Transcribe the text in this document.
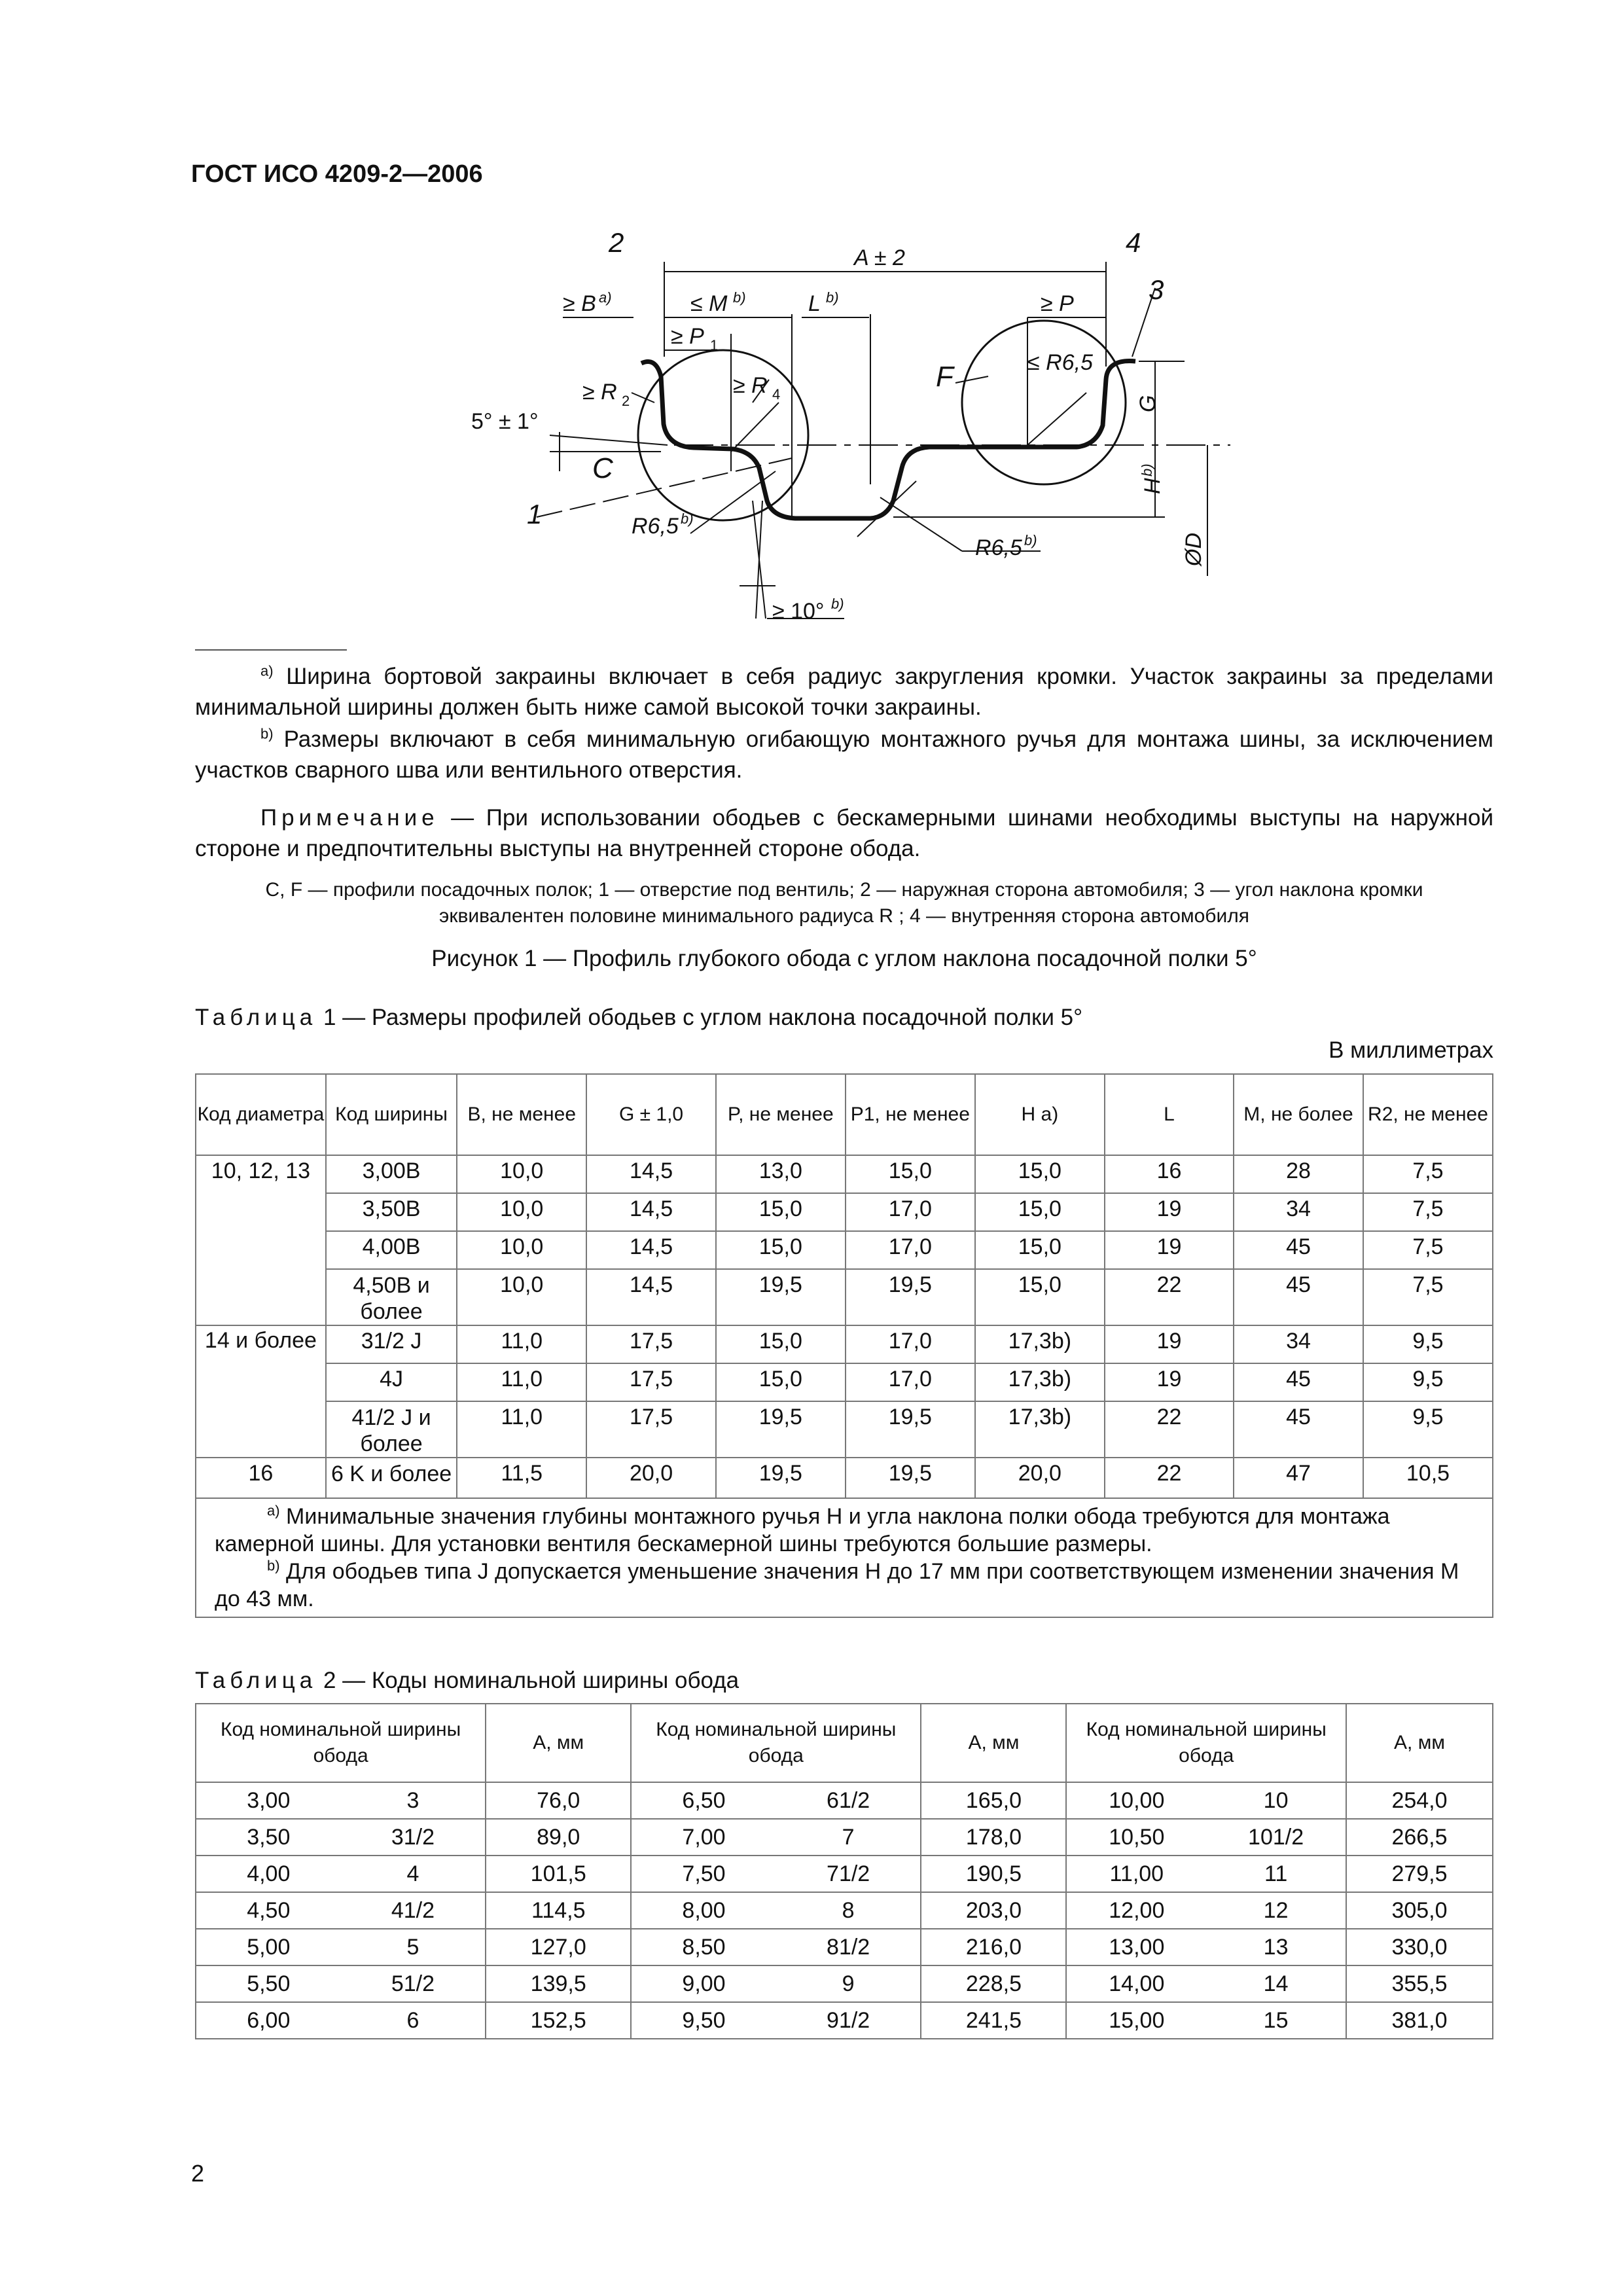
ГОСТ ИСО 4209-2—2006
2	4
3
1
A ± 2
≥ B a)	≤ M b)	L b)
≥ P 1
≥ P
≥ R 2
≥ R 4
≤ R6,5
F
C
G
H
b)
ØD
5° ± 1°
R6,5 b)
R6,5 b)
≥ 10° b)
$^{a)}$ Ширина бортовой закраины включает в себя радиус закругления кромки. Участок закраины за пределами минимальной ширины должен быть ниже самой высокой точки закраины.
$^{b)}$ Размеры включают в себя минимальную огибающую монтажного ручья для монтажа шины, за исключением участков сварного шва или вентильного отверстия.
Примечание — При использовании ободьев с бескамерными шинами необходимы выступы на наружной стороне и предпочтительны выступы на внутренней стороне обода.
C, F — профили посадочных полок; 1 — отверстие под вентиль; 2 — наружная сторона автомобиля; 3 — угол наклона кромки
эквивалентен половине минимального радиуса R ; 4 — внутренняя сторона автомобиля
Рисунок 1 — Профиль глубокого обода с углом наклона посадочной полки 5°
Таблица 1 — Размеры профилей ободьев с углом наклона посадочной полки 5°
В миллиметрах
Код диаметра	Код ширины	B, не менее	G ± 1,0	P, не менее	P1, не менее	H a)	L	M, не более	R2, не менее
10, 12, 13	3,00B	10,0	14,5	13,0	15,0	15,0	16	28	7,5
	3,50B	10,0	14,5	15,0	17,0	15,0	19	34	7,5
	4,00B	10,0	14,5	15,0	17,0	15,0	19	45	7,5
	4,50B и более	10,0	14,5	19,5	19,5	15,0	22	45	7,5
14 и более	31/2 J	11,0	17,5	15,0	17,0	17,3b)	19	34	9,5
	4J	11,0	17,5	15,0	17,0	17,3b)	19	45	9,5
	41/2 J и более	11,0	17,5	19,5	19,5	17,3b)	22	45	9,5
16	6 K и более	11,5	20,0	19,5	19,5	20,0	22	47	10,5

$^{a)}$ Минимальные значения глубины монтажного ручья H и угла наклона полки обода требуются для монтажа камерной шины. Для установки вентиля бескамерной шины требуются большие размеры.
$^{b)}$ Для ободьев типа J допускается уменьшение значения H до 17 мм при соответствующем изменении значения M до 43 мм.									
Таблица 2 — Коды номинальной ширины обода
Код номинальной ширины обода		A, мм	Код номинальной ширины обода		A, мм	Код номинальной ширины обода		A, мм
3,00	3	76,0	6,50	61/2	165,0	10,00	10	254,0
3,50	31/2	89,0	7,00	7	178,0	10,50	101/2	266,5
4,00	4	101,5	7,50	71/2	190,5	11,00	11	279,5
4,50	41/2	114,5	8,00	8	203,0	12,00	12	305,0
5,00	5	127,0	8,50	81/2	216,0	13,00	13	330,0
5,50	51/2	139,5	9,00	9	228,5	14,00	14	355,5
6,00	6	152,5	9,50	91/2	241,5	15,00	15	381,0
2
